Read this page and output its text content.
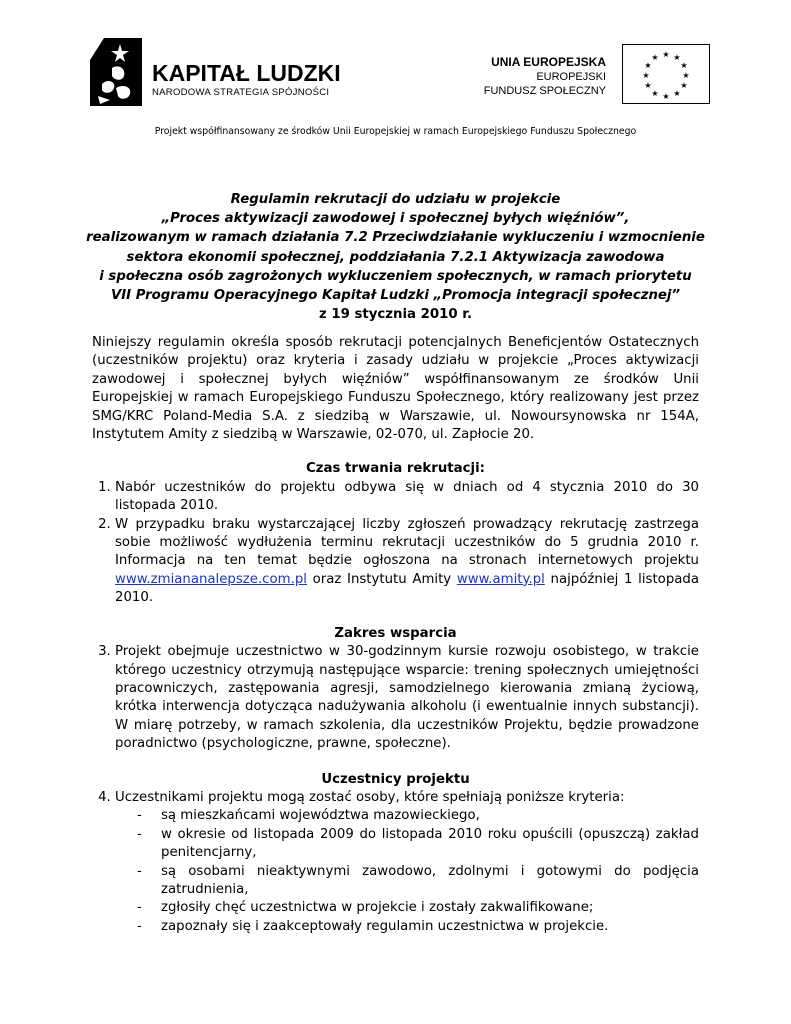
KAPITAŁ LUDZKI
NARODOWA STRATEGIA SPÓJNOŚCI
UNIA EUROPEJSKA
EUROPEJSKI
FUNDUSZ SPOŁECZNY
★ ★
★
★
★
★
★
★
★
★
★
★
Projekt współfinansowany ze środków Unii Europejskiej w ramach Europejskiego Funduszu Społecznego
Regulamin rekrutacji do udziału w projekcie
„Proces aktywizacji zawodowej i społecznej byłych więźniów”,
realizowanym w ramach działania 7.2 Przeciwdziałanie wykluczeniu i wzmocnienie
sektora ekonomii społecznej, poddziałania 7.2.1 Aktywizacja zawodowa
i społeczna osób zagrożonych wykluczeniem społecznych, w ramach priorytetu
VII Programu Operacyjnego Kapitał Ludzki „Promocja integracji społecznej”
z 19 stycznia 2010 r.

Niniejszy regulamin określa sposób rekrutacji potencjalnych Beneficjentów Ostatecznych (uczestników projektu) oraz kryteria i zasady udziału w projekcie „Proces aktywizacji zawodowej i społecznej byłych więźniów” współfinansowanym ze środków Unii Europejskiej w ramach Europejskiego Funduszu Społecznego, który realizowany jest przez SMG/KRC Poland-Media S.A. z siedzibą w Warszawie, ul. Nowoursynowska nr 154A, Instytutem Amity z siedzibą w Warszawie, 02-070, ul. Zapłocie 20.

Czas trwania rekrutacji:
1. Nabór uczestników do projektu odbywa się w dniach od 4 stycznia 2010 do 30 listopada 2010.
2. W przypadku braku wystarczającej liczby zgłoszeń prowadzący rekrutację zastrzega sobie możliwość wydłużenia terminu rekrutacji uczestników do 5 grudnia 2010 r. Informacja na ten temat będzie ogłoszona na stronach internetowych projektu www.zmiananalepsze.com.pl oraz Instytutu Amity www.amity.pl najpóźniej 1 listopada 2010.
Zakres wsparcia
3. Projekt obejmuje uczestnictwo w 30-godzinnym kursie rozwoju osobistego, w trakcie którego uczestnicy otrzymują następujące wsparcie: trening społecznych umiejętności pracowniczych, zastępowania agresji, samodzielnego kierowania zmianą życiową, krótka interwencja dotycząca nadużywania alkoholu (i ewentualnie innych substancji). W miarę potrzeby, w ramach szkolenia, dla uczestników Projektu, będzie prowadzone poradnictwo (psychologiczne, prawne, społeczne).
Uczestnicy projektu
4. Uczestnikami projektu mogą zostać osoby, które spełniają poniższe kryteria:
- są mieszkańcami województwa mazowieckiego,
- w okresie od listopada 2009 do listopada 2010 roku opuścili (opuszczą) zakład penitencjarny,
- są osobami nieaktywnymi zawodowo, zdolnymi i gotowymi do podjęcia zatrudnienia,
- zgłosiły chęć uczestnictwa w projekcie i zostały zakwalifikowane;
- zapoznały się i zaakceptowały regulamin uczestnictwa w projekcie.
